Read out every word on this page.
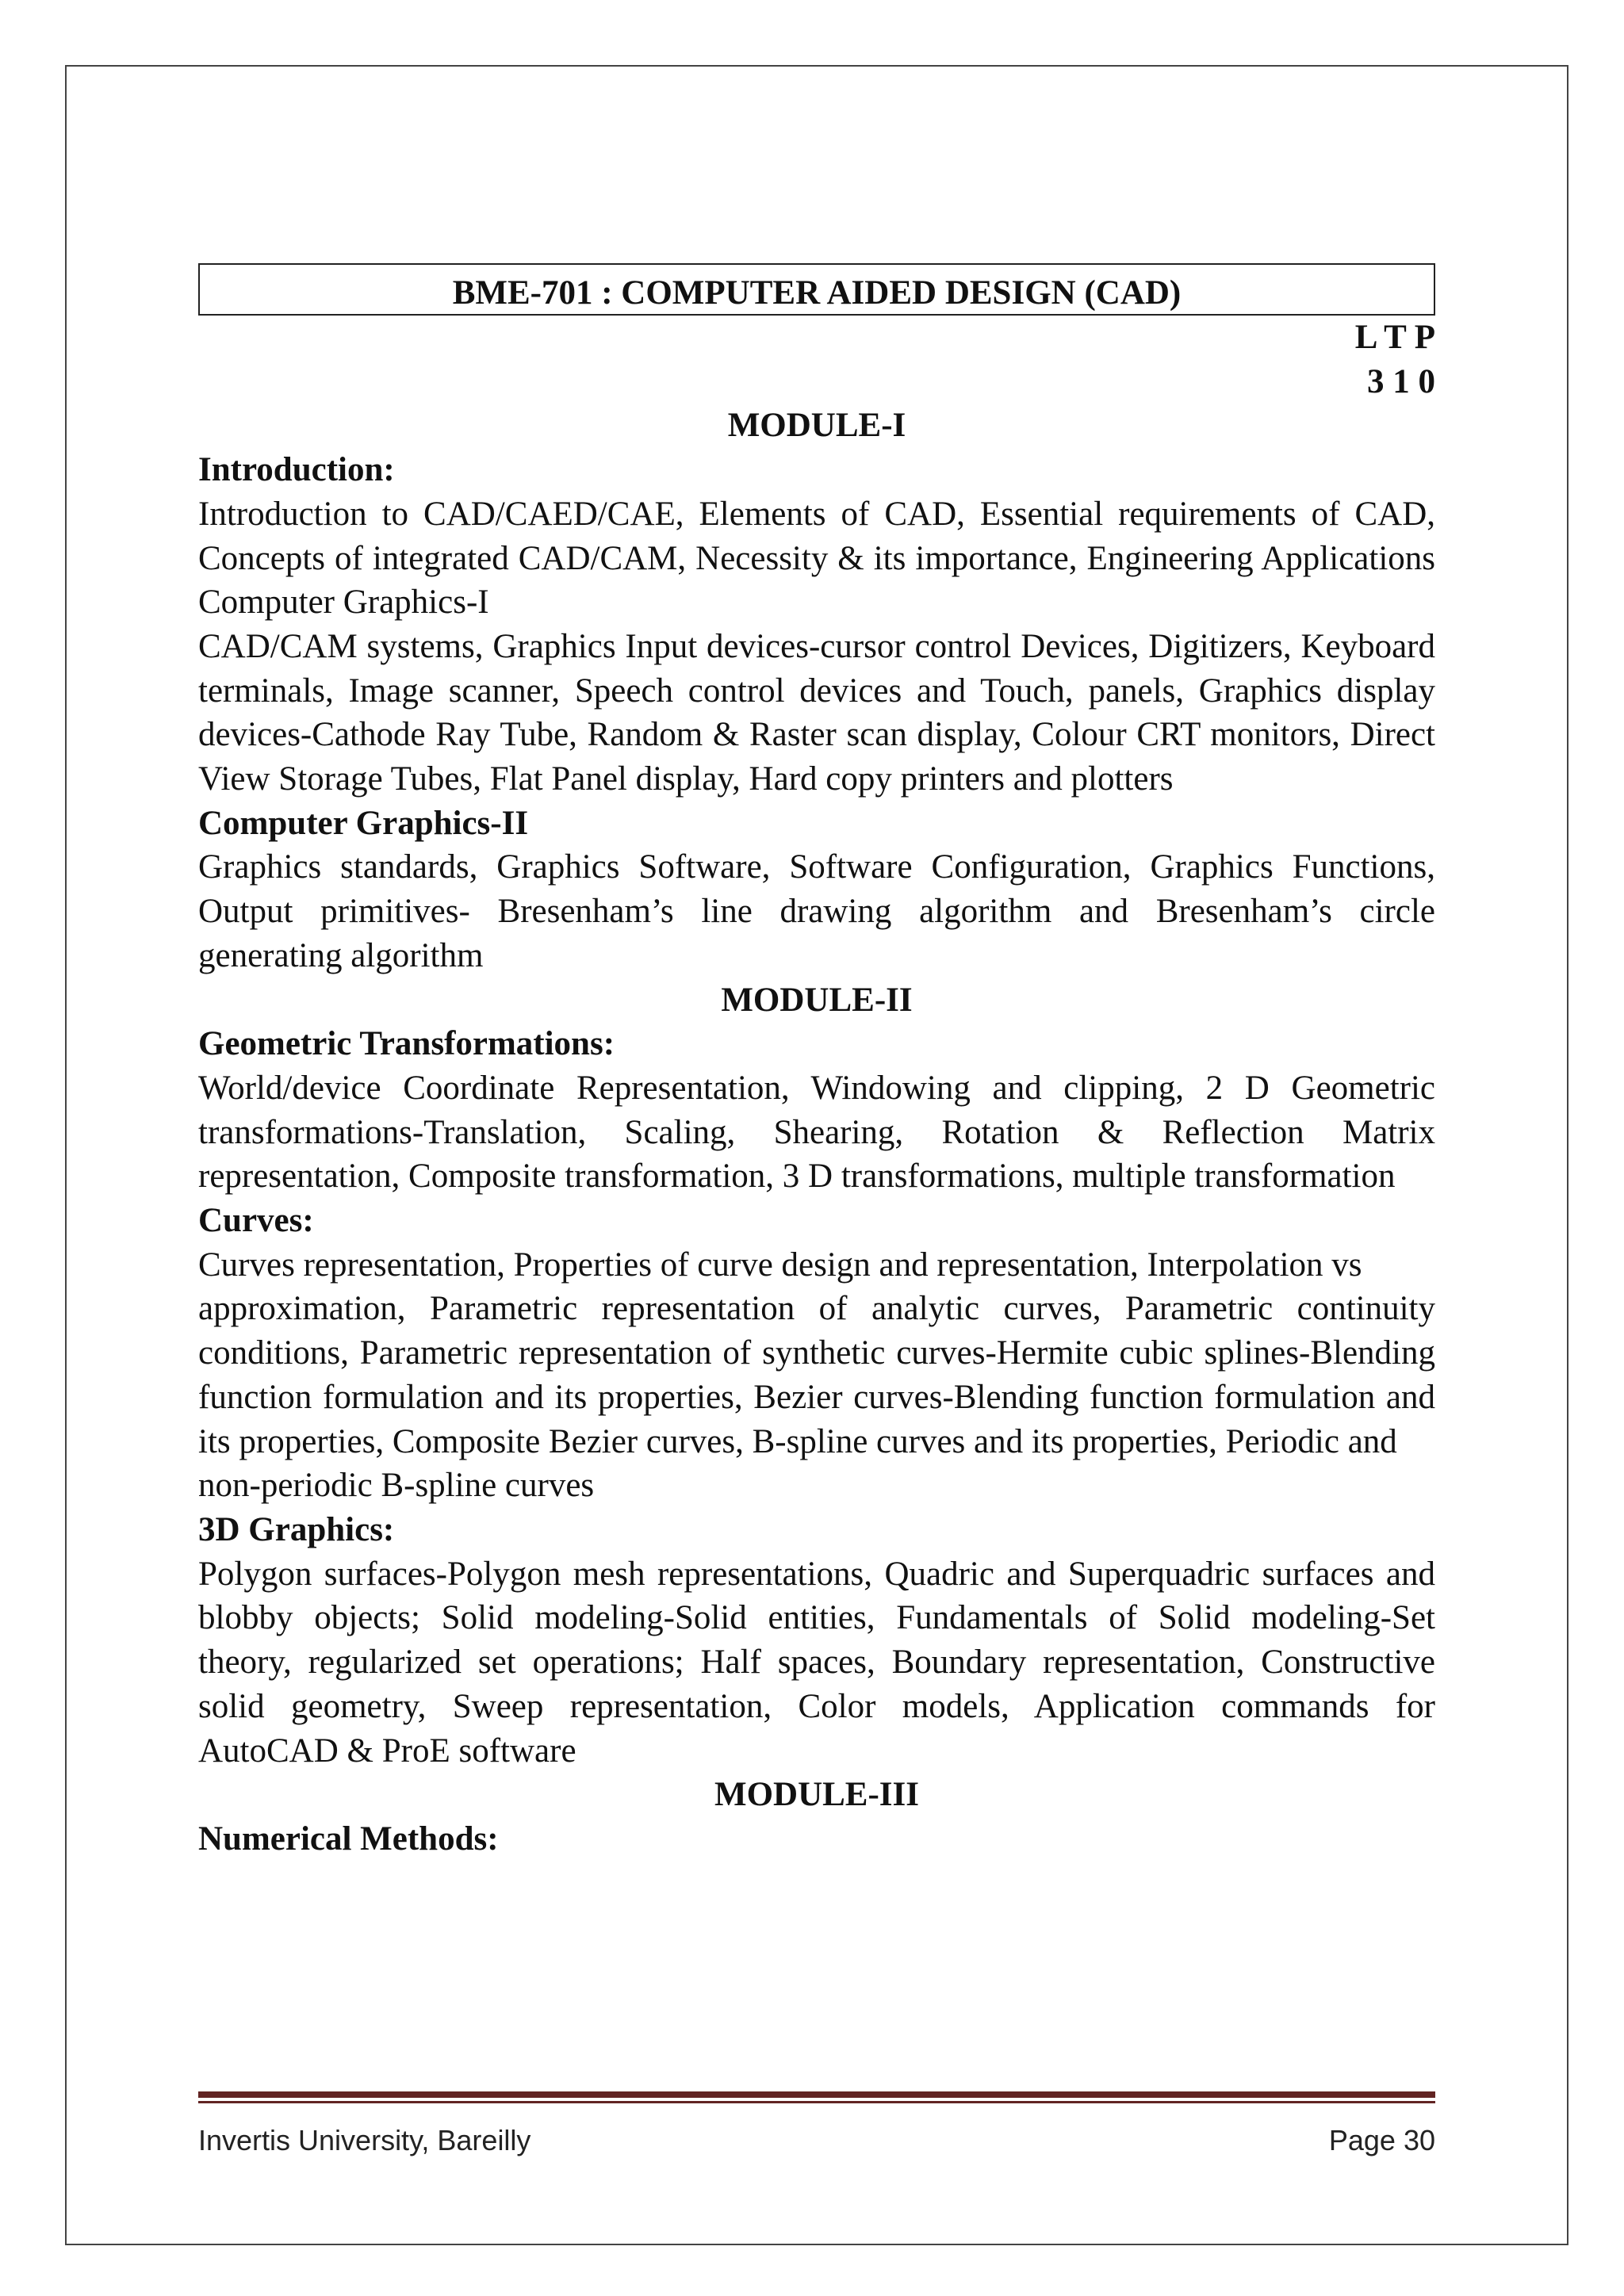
BME-701 : COMPUTER AIDED DESIGN (CAD)
L T P
3 1 0
MODULE-I
Introduction:

Introduction to CAD/CAED/CAE, Elements of CAD, Essential requirements of CAD, Concepts of integrated CAD/CAM, Necessity & its importance, Engineering Applications Computer Graphics-I

CAD/CAM systems, Graphics Input devices-cursor control Devices, Digitizers, Keyboard terminals, Image scanner, Speech control devices and Touch, panels, Graphics display devices-Cathode Ray Tube, Random & Raster scan display, Colour CRT monitors, Direct View Storage Tubes, Flat Panel display, Hard copy printers and plotters

Computer Graphics-II

Graphics standards, Graphics Software, Software Configuration, Graphics Functions, Output primitives- Bresenham’s line drawing algorithm and Bresenham’s circle generating algorithm

MODULE-II
Geometric Transformations:

World/device Coordinate Representation, Windowing and clipping, 2 D Geometric transformations-Translation, Scaling, Shearing, Rotation & Reflection Matrix representation, Composite transformation, 3 D transformations, multiple transformation

Curves:

Curves representation, Properties of curve design and representation, Interpolation vs

approximation, Parametric representation of analytic curves, Parametric continuity conditions, Parametric representation of synthetic curves-Hermite cubic splines-Blending function formulation and its properties, Bezier curves-Blending function formulation and its properties, Composite Bezier curves, B-spline curves and its properties, Periodic and

non-periodic B-spline curves

3D Graphics:

Polygon surfaces-Polygon mesh representations, Quadric and Superquadric surfaces and blobby objects; Solid modeling-Solid entities, Fundamentals of Solid modeling-Set theory, regularized set operations; Half spaces, Boundary representation, Constructive solid geometry, Sweep representation, Color models, Application commands for AutoCAD & ProE software

MODULE-III
Numerical Methods:
Invertis University, Bareilly	Page 30
